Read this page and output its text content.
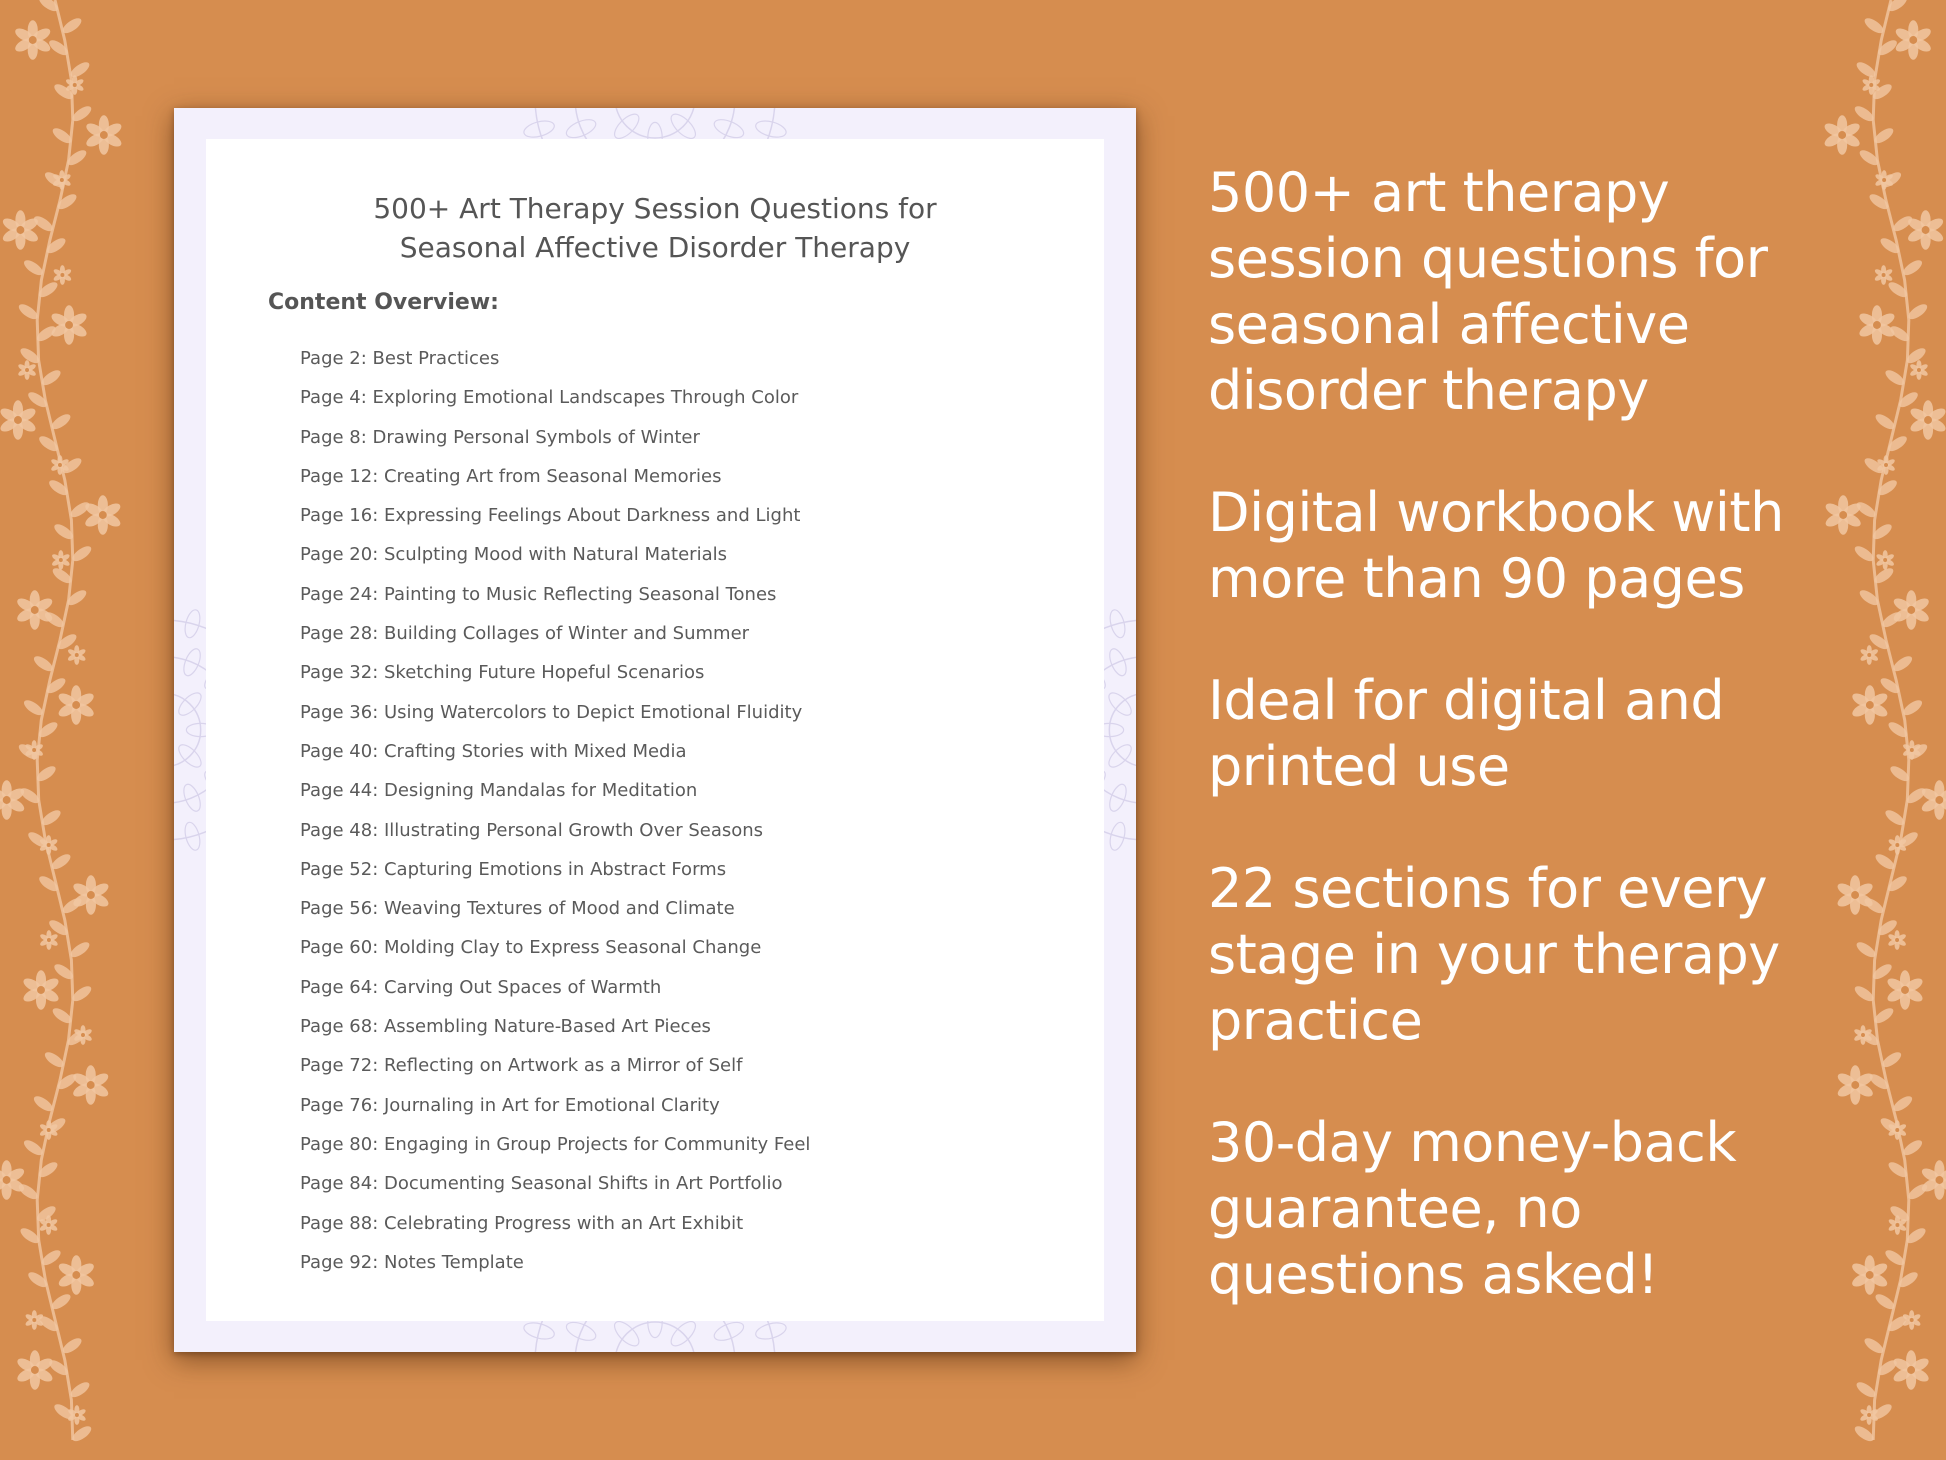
500+ Art Therapy Session Questions for
Seasonal Affective Disorder Therapy
Content Overview:
Page 2: Best Practices
Page 4: Exploring Emotional Landscapes Through Color
Page 8: Drawing Personal Symbols of Winter
Page 12: Creating Art from Seasonal Memories
Page 16: Expressing Feelings About Darkness and Light
Page 20: Sculpting Mood with Natural Materials
Page 24: Painting to Music Reflecting Seasonal Tones
Page 28: Building Collages of Winter and Summer
Page 32: Sketching Future Hopeful Scenarios
Page 36: Using Watercolors to Depict Emotional Fluidity
Page 40: Crafting Stories with Mixed Media
Page 44: Designing Mandalas for Meditation
Page 48: Illustrating Personal Growth Over Seasons
Page 52: Capturing Emotions in Abstract Forms
Page 56: Weaving Textures of Mood and Climate
Page 60: Molding Clay to Express Seasonal Change
Page 64: Carving Out Spaces of Warmth
Page 68: Assembling Nature-Based Art Pieces
Page 72: Reflecting on Artwork as a Mirror of Self
Page 76: Journaling in Art for Emotional Clarity
Page 80: Engaging in Group Projects for Community Feel
Page 84: Documenting Seasonal Shifts in Art Portfolio
Page 88: Celebrating Progress with an Art Exhibit
Page 92: Notes Template
500+ art therapy session questions for seasonal affective disorder therapy
Digital workbook with more than 90 pages
Ideal for digital and printed use
22 sections for every stage in your therapy practice
30-day money-back guarantee, no questions asked!
